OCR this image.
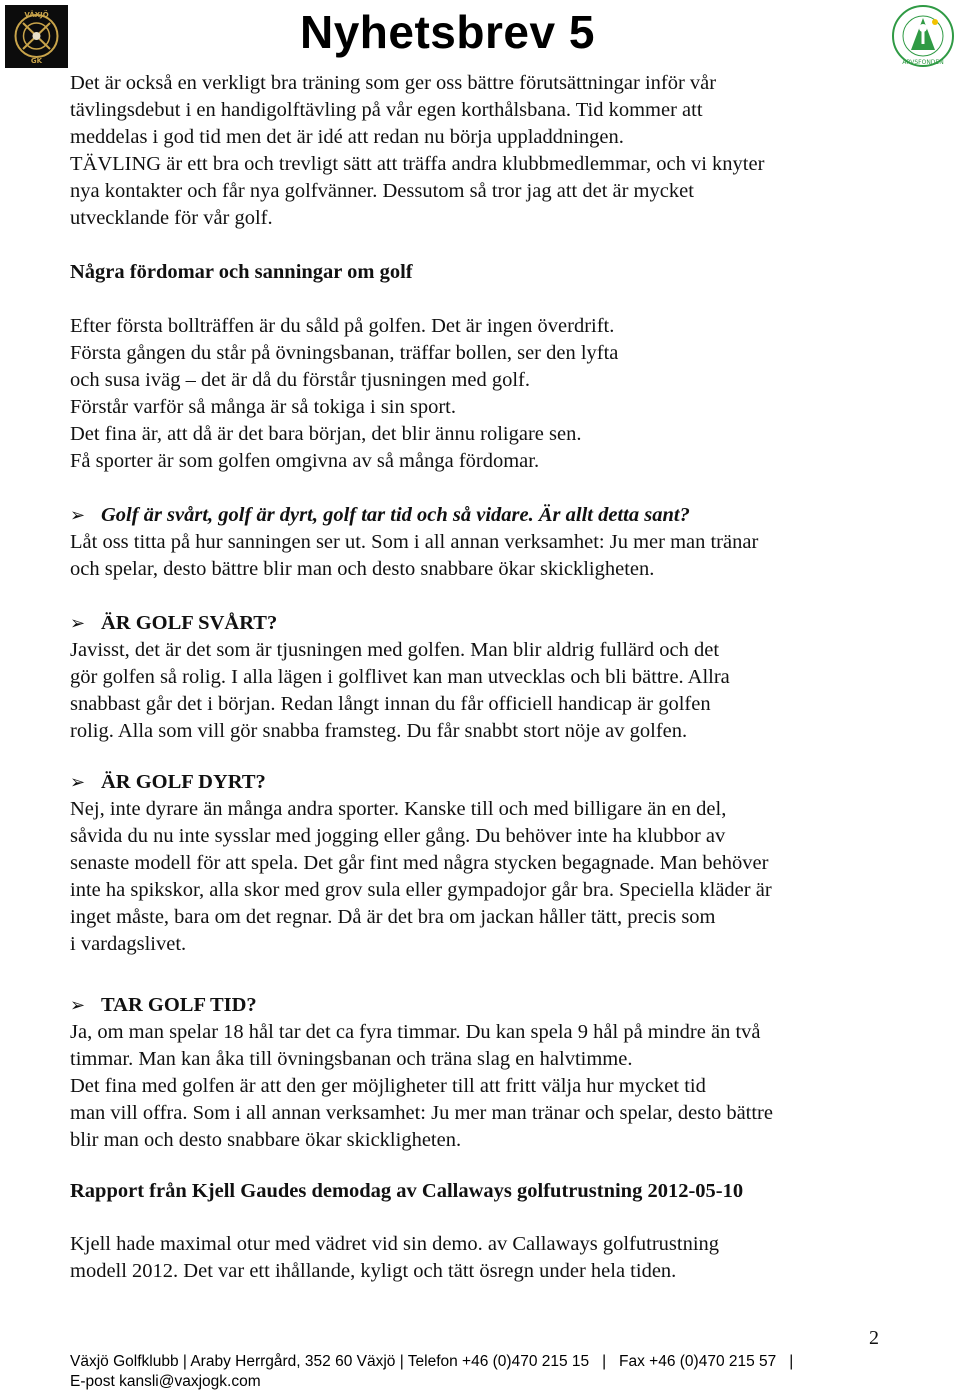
VÄXJÖ
GK
Nyhetsbrev 5
ARVSFONDEN

Det är också en verkligt bra träning som ger oss bättre förutsättningar inför vår

tävlingsdebut i en handigolftävling på vår egen korthålsbana. Tid kommer att

meddelas i god tid men det är idé att redan nu börja uppladdningen.

TÄVLING är ett bra och trevligt sätt att träffa andra klubbmedlemmar, och vi knyter

nya kontakter och får nya golfvänner. Dessutom så tror jag att det är mycket

utvecklande för vår golf.

Några fördomar och sanningar om golf

Efter första bollträffen är du såld på golfen. Det är ingen överdrift.

Första gången du står på övningsbanan, träffar bollen, ser den lyfta

och susa iväg – det är då du förstår tjusningen med golf.

Förstår varför så många är så tokiga i sin sport.

Det fina är, att då är det bara början, det blir ännu roligare sen.

Få sporter är som golfen omgivna av så många fördomar.

➢ Golf är svårt, golf är dyrt, golf tar tid och så vidare. Är allt detta sant?

Låt oss titta på hur sanningen ser ut. Som i all annan verksamhet: Ju mer man tränar

och spelar, desto bättre blir man och desto snabbare ökar skickligheten.

➢ ÄR GOLF SVÅRT?

Javisst, det är det som är tjusningen med golfen. Man blir aldrig fullärd och det

gör golfen så rolig. I alla lägen i golflivet kan man utvecklas och bli bättre. Allra

snabbast går det i början. Redan långt innan du får officiell handicap är golfen

rolig. Alla som vill gör snabba framsteg. Du får snabbt stort nöje av golfen.

➢ ÄR GOLF DYRT?

Nej, inte dyrare än många andra sporter. Kanske till och med billigare än en del,

såvida du nu inte sysslar med jogging eller gång. Du behöver inte ha klubbor av

senaste modell för att spela. Det går fint med några stycken begagnade. Man behöver

inte ha spikskor, alla skor med grov sula eller gympadojor går bra. Speciella kläder är

inget måste, bara om det regnar. Då är det bra om jackan håller tätt, precis som

i vardagslivet.

➢ TAR GOLF TID?

Ja, om man spelar 18 hål tar det ca fyra timmar. Du kan spela 9 hål på mindre än två

timmar. Man kan åka till övningsbanan och träna slag en halvtimme.

Det fina med golfen är att den ger möjligheter till att fritt välja hur mycket tid

man vill offra. Som i all annan verksamhet: Ju mer man tränar och spelar, desto bättre

blir man och desto snabbare ökar skickligheten.

Rapport från Kjell Gaudes demodag av Callaways golfutrustning 2012-05-10

Kjell hade maximal otur med vädret vid sin demo. av Callaways golfutrustning

modell 2012. Det var ett ihållande, kyligt och tätt ösregn under hela tiden.

2
Växjö Golfklubb | Araby Herrgård, 352 60 Växjö | Telefon +46 (0)470 215 15   |   Fax +46 (0)470 215 57   |
E-post kansli@vaxjogk.com
